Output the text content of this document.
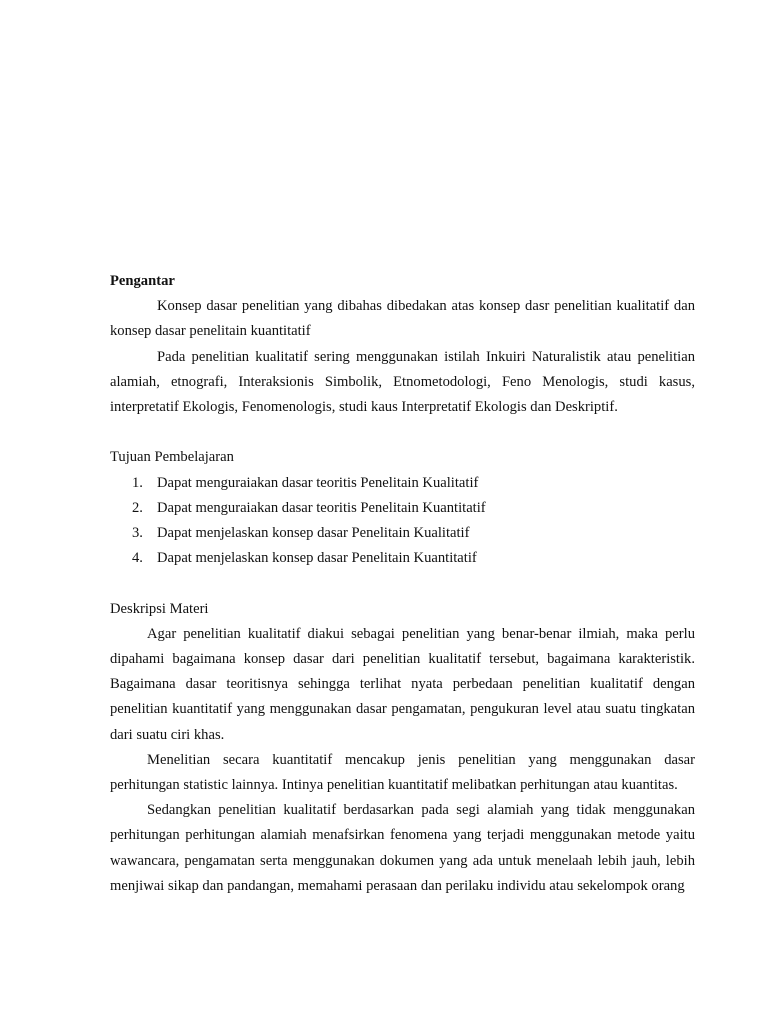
Pengantar

Konsep dasar penelitian yang dibahas dibedakan atas konsep dasr penelitian kualitatif dan konsep dasar penelitain kuantitatif

Pada penelitian kualitatif sering menggunakan istilah Inkuiri Naturalistik atau penelitian alamiah, etnografi, Interaksionis Simbolik, Etnometodologi, Feno Menologis, studi kasus, interpretatif Ekologis, Fenomenologis, studi kaus Interpretatif Ekologis dan Deskriptif.

Tujuan Pembelajaran
1. Dapat menguraiakan dasar teoritis Penelitain Kualitatif
2. Dapat menguraiakan dasar teoritis Penelitain Kuantitatif
3. Dapat menjelaskan konsep dasar Penelitain Kualitatif
4. Dapat menjelaskan konsep dasar Penelitain Kuantitatif
Deskripsi Materi

Agar penelitian kualitatif diakui sebagai penelitian yang benar-benar ilmiah, maka perlu dipahami bagaimana konsep dasar dari penelitian kualitatif tersebut, bagaimana karakteristik. Bagaimana dasar teoritisnya sehingga terlihat nyata perbedaan penelitian kualitatif dengan penelitian kuantitatif yang menggunakan dasar pengamatan, pengukuran level atau suatu tingkatan dari suatu ciri khas.

Menelitian secara kuantitatif mencakup jenis penelitian yang menggunakan dasar perhitungan statistic lainnya. Intinya penelitian kuantitatif melibatkan perhitungan atau kuantitas.

Sedangkan penelitian kualitatif berdasarkan pada segi alamiah yang tidak menggunakan perhitungan perhitungan alamiah menafsirkan fenomena yang terjadi menggunakan metode yaitu wawancara, pengamatan serta menggunakan dokumen yang ada untuk menelaah lebih jauh, lebih menjiwai sikap dan pandangan, memahami perasaan dan perilaku individu atau sekelompok orang
